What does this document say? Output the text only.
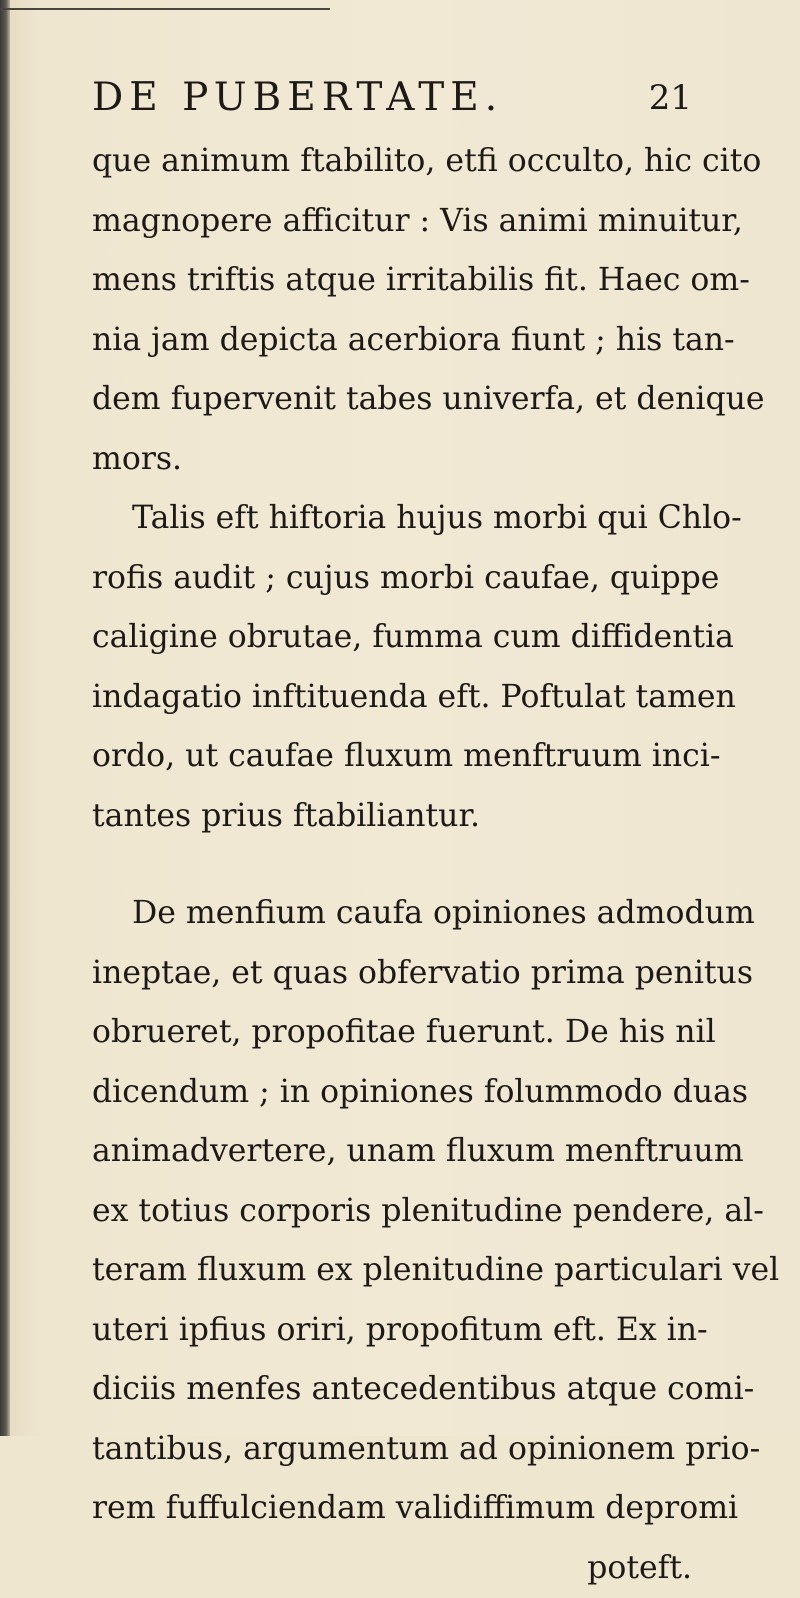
DE PUBERTATE.	21
que animum ftabilito, etfi occulto, hic cito
magnopere afficitur : Vis animi minuitur,
mens triftis atque irritabilis fit. Haec om-
nia jam depicta acerbiora fiunt ; his tan-
dem fupervenit tabes univerfa, et denique
mors.
Talis eft hiftoria hujus morbi qui Chlo-
rofis audit ; cujus morbi caufae, quippe
caligine obrutae, fumma cum diffidentia
indagatio inftituenda eft. Poftulat tamen
ordo, ut caufae fluxum menftruum inci-
tantes prius ftabiliantur.
De menfium caufa opiniones admodum
ineptae, et quas obfervatio prima penitus
obrueret, propofitae fuerunt. De his nil
dicendum ; in opiniones folummodo duas
animadvertere, unam fluxum menftruum
ex totius corporis plenitudine pendere, al-
teram fluxum ex plenitudine particulari vel
uteri ipfius oriri, propofitum eft. Ex in-
diciis menfes antecedentibus atque comi-
tantibus, argumentum ad opinionem prio-
rem fuffulciendam validiffimum depromi
poteft.
